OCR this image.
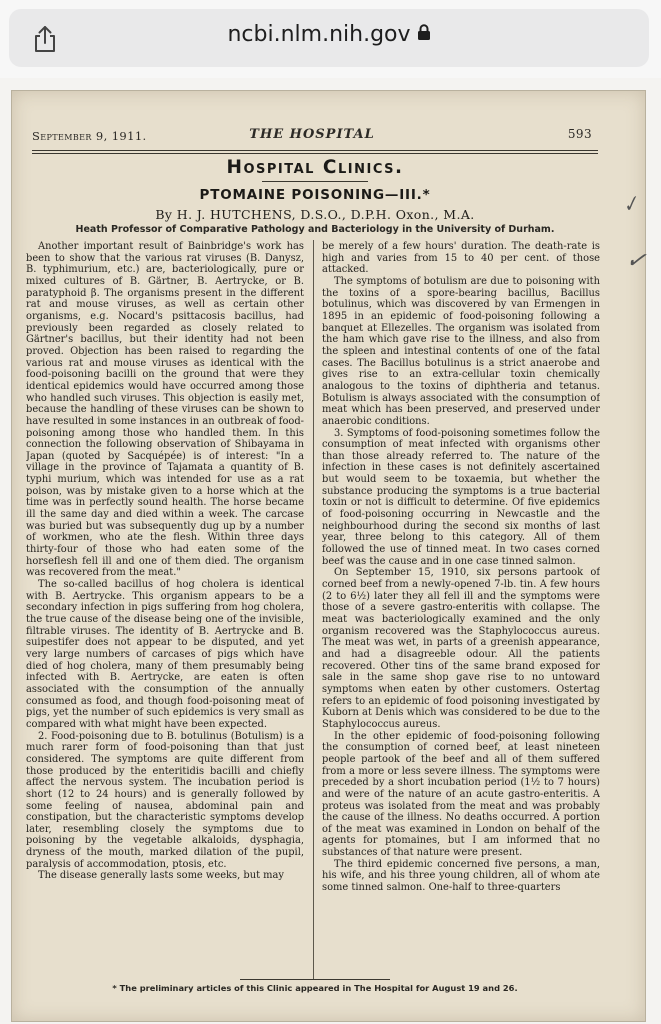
ncbi.nlm.nih.gov
✓
✓
September 9, 1911.	THE HOSPITAL	593
Hospital Clinics.
PTOMAINE POISONING—III.*
By H. J. HUTCHENS, D.S.O., D.P.H. Oxon., M.A.
Heath Professor of Comparative Pathology and Bacteriology in the University of Durham.

Another important result of Bainbridge's work has been to show that the various rat viruses (B. Danysz, B. typhimurium, etc.) are, bacteriologically, pure or mixed cultures of B. Gärtner, B. Aertrycke, or B. paratyphoid β. The organisms present in the different rat and mouse viruses, as well as certain other organisms, e.g. Nocard's psittacosis bacillus, had previously been regarded as closely related to Gärtner's bacillus, but their identity had not been proved. Objection has been raised to regarding the various rat and mouse viruses as identical with the food-poisoning bacilli on the ground that were they identical epidemics would have occurred among those who handled such viruses. This objection is easily met, because the handling of these viruses can be shown to have resulted in some instances in an outbreak of food-poisoning among those who handled them. In this connection the following observation of Shibayama in Japan (quoted by Sacquépée) is of interest: "In a village in the province of Tajamata a quantity of B. typhi murium, which was intended for use as a rat poison, was by mistake given to a horse which at the time was in perfectly sound health. The horse became ill the same day and died within a week. The carcase was buried but was subsequently dug up by a number of workmen, who ate the flesh. Within three days thirty-four of those who had eaten some of the horseflesh fell ill and one of them died. The organism was recovered from the meat."

The so-called bacillus of hog cholera is identical with B. Aertrycke. This organism appears to be a secondary infection in pigs suffering from hog cholera, the true cause of the disease being one of the invisible, filtrable viruses. The identity of B. Aertrycke and B. suipestifer does not appear to be disputed, and yet very large numbers of carcases of pigs which have died of hog cholera, many of them presumably being infected with B. Aertrycke, are eaten is often associated with the consumption of the annually consumed as food, and though food-poisoning meat of pigs, yet the number of such epidemics is very small as compared with what might have been expected.

2. Food-poisoning due to B. botulinus (Botulism) is a much rarer form of food-poisoning than that just considered. The symptoms are quite different from those produced by the enteritidis bacilli and chiefly affect the nervous system. The incubation period is short (12 to 24 hours) and is generally followed by some feeling of nausea, abdominal pain and constipation, but the characteristic symptoms develop later, resembling closely the symptoms due to poisoning by the vegetable alkaloids, dysphagia, dryness of the mouth, marked dilation of the pupil, paralysis of accommodation, ptosis, etc.

The disease generally lasts some weeks, but may

be merely of a few hours' duration. The death-rate is high and varies from 15 to 40 per cent. of those attacked.

The symptoms of botulism are due to poisoning with the toxins of a spore-bearing bacillus, Bacillus botulinus, which was discovered by van Ermengen in 1895 in an epidemic of food-poisoning following a banquet at Ellezelles. The organism was isolated from the ham which gave rise to the illness, and also from the spleen and intestinal contents of one of the fatal cases. The Bacillus botulinus is a strict anaerobe and gives rise to an extra-cellular toxin chemically analogous to the toxins of diphtheria and tetanus. Botulism is always associated with the consumption of meat which has been preserved, and preserved under anaerobic conditions.

3. Symptoms of food-poisoning sometimes follow the consumption of meat infected with organisms other than those already referred to. The nature of the infection in these cases is not definitely ascertained but would seem to be toxaemia, but whether the substance producing the symptoms is a true bacterial toxin or not is difficult to determine. Of five epidemics of food-poisoning occurring in Newcastle and the neighbourhood during the second six months of last year, three belong to this category. All of them followed the use of tinned meat. In two cases corned beef was the cause and in one case tinned salmon.

On September 15, 1910, six persons partook of corned beef from a newly-opened 7-lb. tin. A few hours (2 to 6½) later they all fell ill and the symptoms were those of a severe gastro-enteritis with collapse. The meat was bacteriologically examined and the only organism recovered was the Staphylococcus aureus. The meat was wet, in parts of a greenish appearance, and had a disagreeble odour. All the patients recovered. Other tins of the same brand exposed for sale in the same shop gave rise to no untoward symptoms when eaten by other customers. Ostertag refers to an epidemic of food poisoning investigated by Kuborn at Denis which was considered to be due to the Staphylococcus aureus.

In the other epidemic of food-poisoning following the consumption of corned beef, at least nineteen people partook of the beef and all of them suffered from a more or less severe illness. The symptoms were preceded by a short incubation period (1½ to 7 hours) and were of the nature of an acute gastro-enteritis. A proteus was isolated from the meat and was probably the cause of the illness. No deaths occurred. A portion of the meat was examined in London on behalf of the agents for ptomaines, but I am informed that no substances of that nature were present.

The third epidemic concerned five persons, a man, his wife, and his three young children, all of whom ate some tinned salmon. One-half to three-quarters

* The preliminary articles of this Clinic appeared in The Hospital for August 19 and 26.
